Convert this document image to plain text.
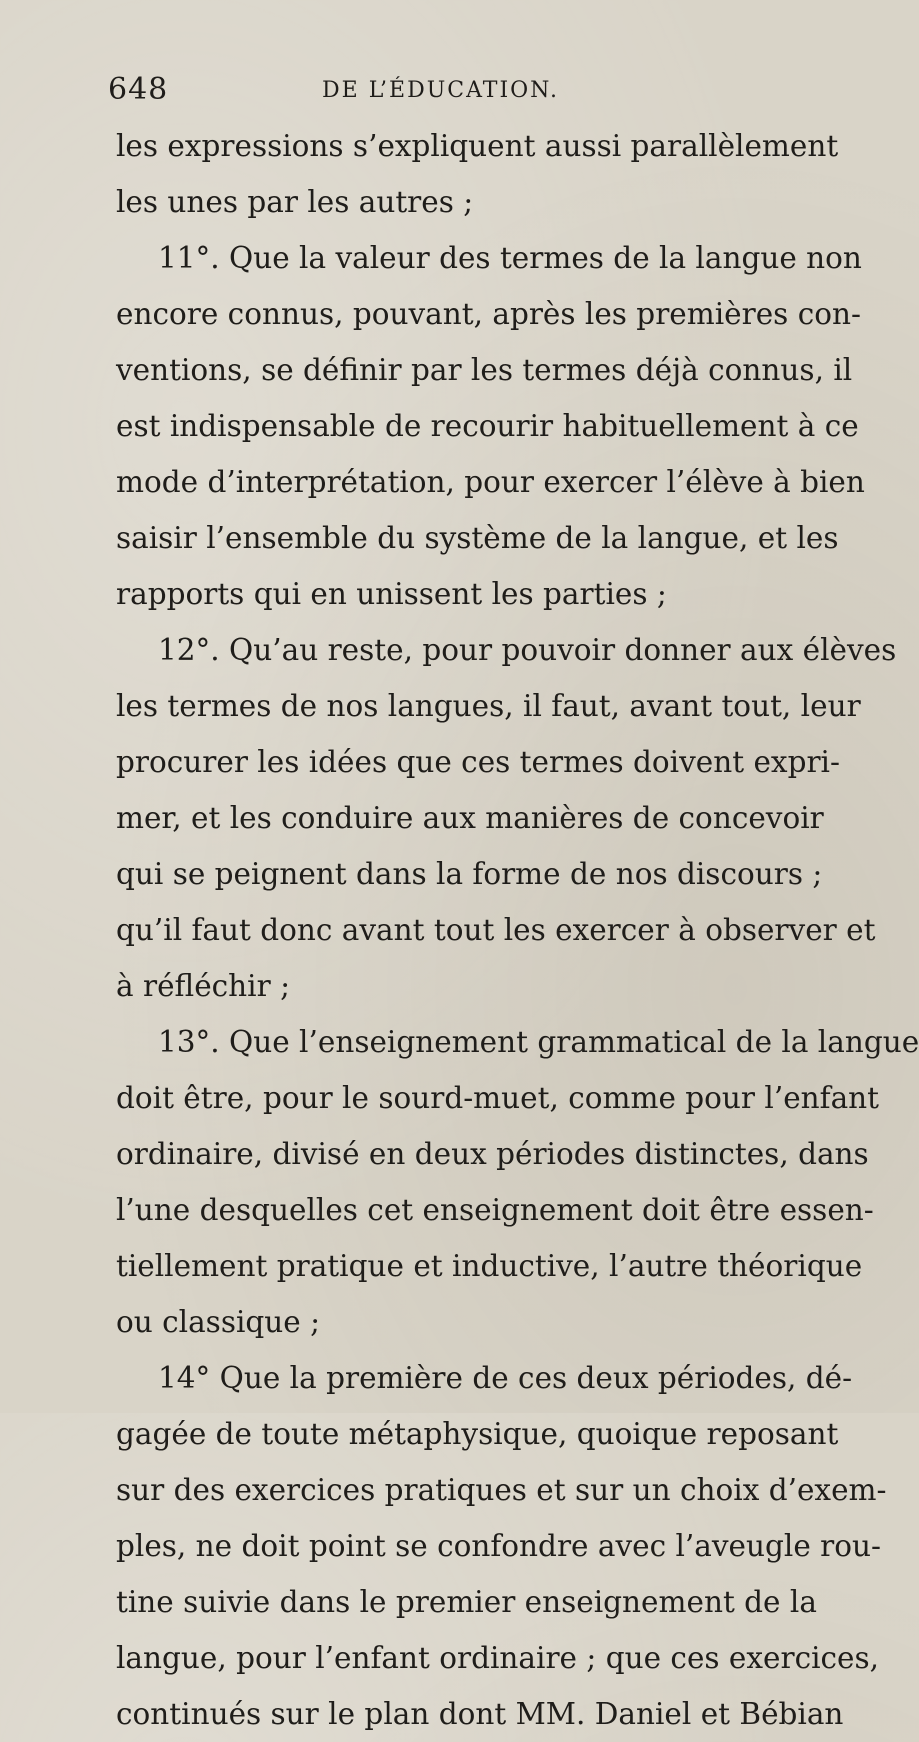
648	DE L’ÉDUCATION.
les expressions s’expliquent aussi parallèlement
les unes par les autres ;
11°. Que la valeur des termes de la langue non
encore connus, pouvant, après les premières con-
ventions, se définir par les termes déjà connus, il
est indispensable de recourir habituellement à ce
mode d’interprétation, pour exercer l’élève à bien
saisir l’ensemble du système de la langue, et les
rapports qui en unissent les parties ;
12°. Qu’au reste, pour pouvoir donner aux élèves
les termes de nos langues, il faut, avant tout, leur
procurer les idées que ces termes doivent expri-
mer, et les conduire aux manières de concevoir
qui se peignent dans la forme de nos discours ;
qu’il faut donc avant tout les exercer à observer et
à réfléchir ;
13°. Que l’enseignement grammatical de la langue
doit être, pour le sourd-muet, comme pour l’enfant
ordinaire, divisé en deux périodes distinctes, dans
l’une desquelles cet enseignement doit être essen-
tiellement pratique et inductive, l’autre théorique
ou classique ;
14° Que la première de ces deux périodes, dé-
gagée de toute métaphysique, quoique reposant
sur des exercices pratiques et sur un choix d’exem-
ples, ne doit point se confondre avec l’aveugle rou-
tine suivie dans le premier enseignement de la
langue, pour l’enfant ordinaire ; que ces exercices,
continués sur le plan dont MM. Daniel et Bébian
